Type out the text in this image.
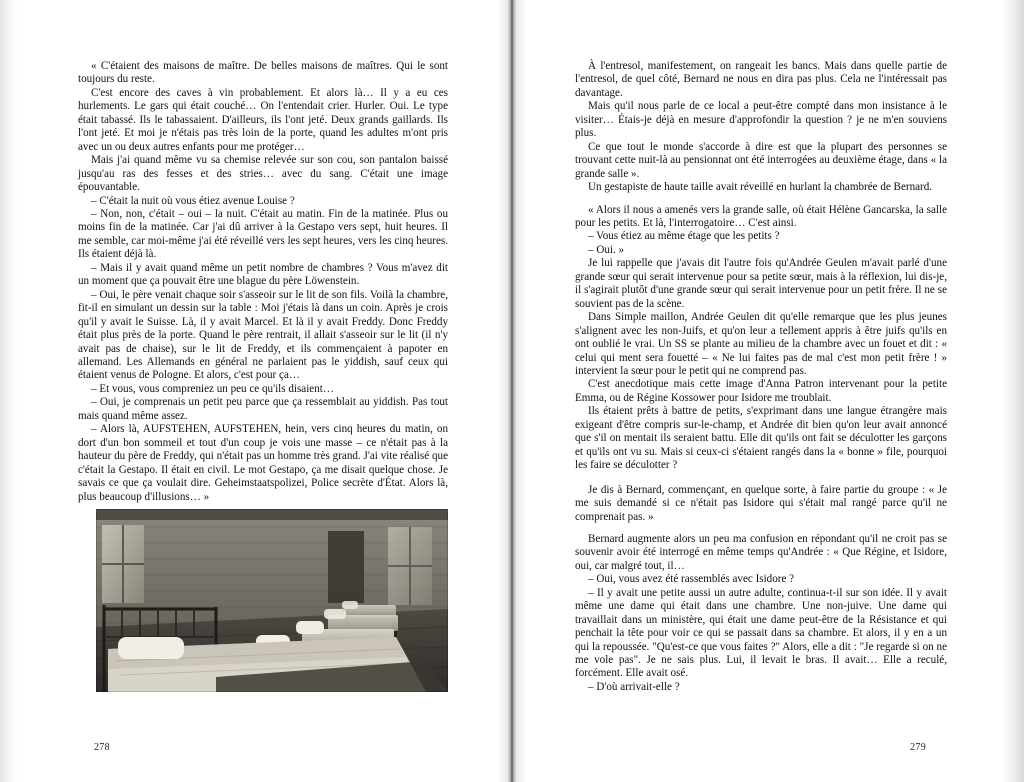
« C'étaient des maisons de maître. De belles maisons de maîtres. Qui le sont toujours du reste.

C'est encore des caves à vin probablement. Et alors là… Il y a eu ces hurlements. Le gars qui était couché… On l'entendait crier. Hurler. Oui. Le type était tabassé. Ils le tabassaient. D'ailleurs, ils l'ont jeté. Deux grands gaillards. Ils l'ont jeté. Et moi je n'étais pas très loin de la porte, quand les adultes m'ont pris avec un ou deux autres enfants pour me protéger…

Mais j'ai quand même vu sa chemise relevée sur son cou, son pantalon baissé jusqu'au ras des fesses et des stries… avec du sang. C'était une image épouvantable.

– C'était la nuit où vous étiez avenue Louise ?

– Non, non, c'était – oui – la nuit. C'était au matin. Fin de la matinée. Plus ou moins fin de la matinée. Car j'ai dû arriver à la Gestapo vers sept, huit heures. Il me semble, car moi-même j'ai été réveillé vers les sept heures, vers les cinq heures. Ils étaient déjà là.

– Mais il y avait quand même un petit nombre de chambres ? Vous m'avez dit un moment que ça pouvait être une blague du père Löwenstein.

– Oui, le père venait chaque soir s'asseoir sur le lit de son fils. Voilà la chambre, fit-il en simulant un dessin sur la table : Moi j'étais là dans un coin. Après je crois qu'il y avait le Suisse. Là, il y avait Marcel. Et là il y avait Freddy. Donc Freddy était plus près de la porte. Quand le père rentrait, il allait s'asseoir sur le lit (il n'y avait pas de chaise), sur le lit de Freddy, et ils commençaient à papoter en allemand. Les Allemands en général ne parlaient pas le yiddish, sauf ceux qui étaient venus de Pologne. Et alors, c'est pour ça…

– Et vous, vous compreniez un peu ce qu'ils disaient…

– Oui, je comprenais un petit peu parce que ça ressemblait au yiddish. Pas tout mais quand même assez.

– Alors là, AUFSTEHEN, AUFSTEHEN, hein, vers cinq heures du matin, on dort d'un bon sommeil et tout d'un coup je vois une masse – ce n'était pas à la hauteur du père de Freddy, qui n'était pas un homme très grand. J'ai vite réalisé que c'était la Gestapo. Il était en civil. Le mot Gestapo, ça me disait quelque chose. Je savais ce que ça voulait dire. Geheimstaatspolizei, Police secrète d'État. Alors là, plus beaucoup d'illusions… »

278

À l'entresol, manifestement, on rangeait les bancs. Mais dans quelle partie de l'entresol, de quel côté, Bernard ne nous en dira pas plus. Cela ne l'intéressait pas davantage.

Mais qu'il nous parle de ce local a peut-être compté dans mon insistance à le visiter… Étais-je déjà en mesure d'approfondir la question ? je ne m'en souviens plus.

Ce que tout le monde s'accorde à dire est que la plupart des personnes se trouvant cette nuit-là au pensionnat ont été interrogées au deuxième étage, dans « la grande salle ».

Un gestapiste de haute taille avait réveillé en hurlant la chambrée de Bernard.

« Alors il nous a amenés vers la grande salle, où était Hélène Gancarska, la salle pour les petits. Et là, l'interrogatoire… C'est ainsi.

– Vous étiez au même étage que les petits ?

– Oui. »

Je lui rappelle que j'avais dit l'autre fois qu'Andrée Geulen m'avait parlé d'une grande sœur qui serait intervenue pour sa petite sœur, mais à la réflexion, lui dis-je, il s'agirait plutôt d'une grande sœur qui serait intervenue pour un petit frère. Il ne se souvient pas de la scène.

Dans Simple maillon, Andrée Geulen dit qu'elle remarque que les plus jeunes s'alignent avec les non-Juifs, et qu'on leur a tellement appris à être juifs qu'ils en ont oublié le vrai. Un SS se plante au milieu de la chambre avec un fouet et dit : « celui qui ment sera fouetté – « Ne lui faites pas de mal c'est mon petit frère ! » intervient la sœur pour le petit qui ne comprend pas.

C'est anecdotique mais cette image d'Anna Patron intervenant pour la petite Emma, ou de Régine Kossower pour Isidore me troublait.

Ils étaient prêts à battre de petits, s'exprimant dans une langue étrangère mais exigeant d'être compris sur-le-champ, et Andrée dit bien qu'on leur avait annoncé que s'il on mentait ils seraient battu. Elle dit qu'ils ont fait se déculotter les garçons et qu'ils ont vu su. Mais si ceux-ci s'étaient rangés dans la « bonne » file, pourquoi les faire se déculotter ?

Je dis à Bernard, commençant, en quelque sorte, à faire partie du groupe : « Je me suis demandé si ce n'était pas Isidore qui s'était mal rangé parce qu'il ne comprenait pas. »

Bernard augmente alors un peu ma confusion en répondant qu'il ne croit pas se souvenir avoir été interrogé en même temps qu'Andrée : « Que Régine, et Isidore, oui, car malgré tout, il…

– Oui, vous avez été rassemblés avec Isidore ?

– Il y avait une petite aussi un autre adulte, continua-t-il sur son idée. Il y avait même une dame qui était dans une chambre. Une non-juive. Une dame qui travaillait dans un ministère, qui était une dame peut-être de la Résistance et qui penchait la tête pour voir ce qui se passait dans sa chambre. Et alors, il y en a un qui la repoussée. "Qu'est-ce que vous faites ?" Alors, elle a dit : "Je regarde si on ne me vole pas". Je ne sais plus. Lui, il levait le bras. Il avait… Elle a reculé, forcément. Elle avait osé.

– D'où arrivait-elle ?

279
